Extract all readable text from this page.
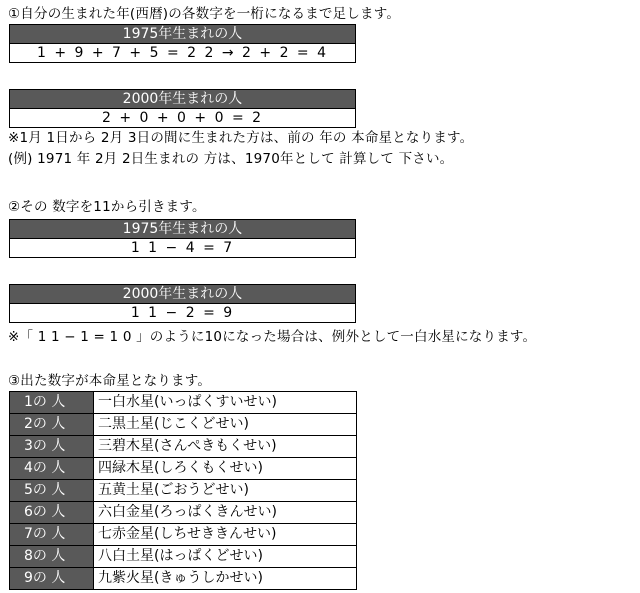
①自分の生まれた年(西暦)の各数字を一桁になるまで足します。
1975年生まれの人
1 + 9 + 7 + 5 = 2 2 → 2 + 2 = 4
2000年生まれの人
2 + 0 + 0 + 0 = 2
※1月 1日から 2月 3日の間に生まれた方は、前の 年の 本命星となります。
(例) 1971 年 2月 2日生まれの 方は、1970年として 計算して 下さい。
②その 数字を11から引きます。
1975年生まれの人
1 1 − 4 = 7
2000年生まれの人
1 1 − 2 = 9
※「 1 1 − 1 = 1 0 」のように10になった場合は、例外として一白水星になります。
③出た数字が本命星となります。
1の 人	一白水星(いっぱくすいせい)
2の 人	二黒土星(じこくどせい)
3の 人	三碧木星(さんぺきもくせい)
4の 人	四緑木星(しろくもくせい)
5の 人	五黄土星(ごおうどせい)
6の 人	六白金星(ろっぱくきんせい)
7の 人	七赤金星(しちせききんせい)
8の 人	八白土星(はっぱくどせい)
9の 人	九紫火星(きゅうしかせい)
